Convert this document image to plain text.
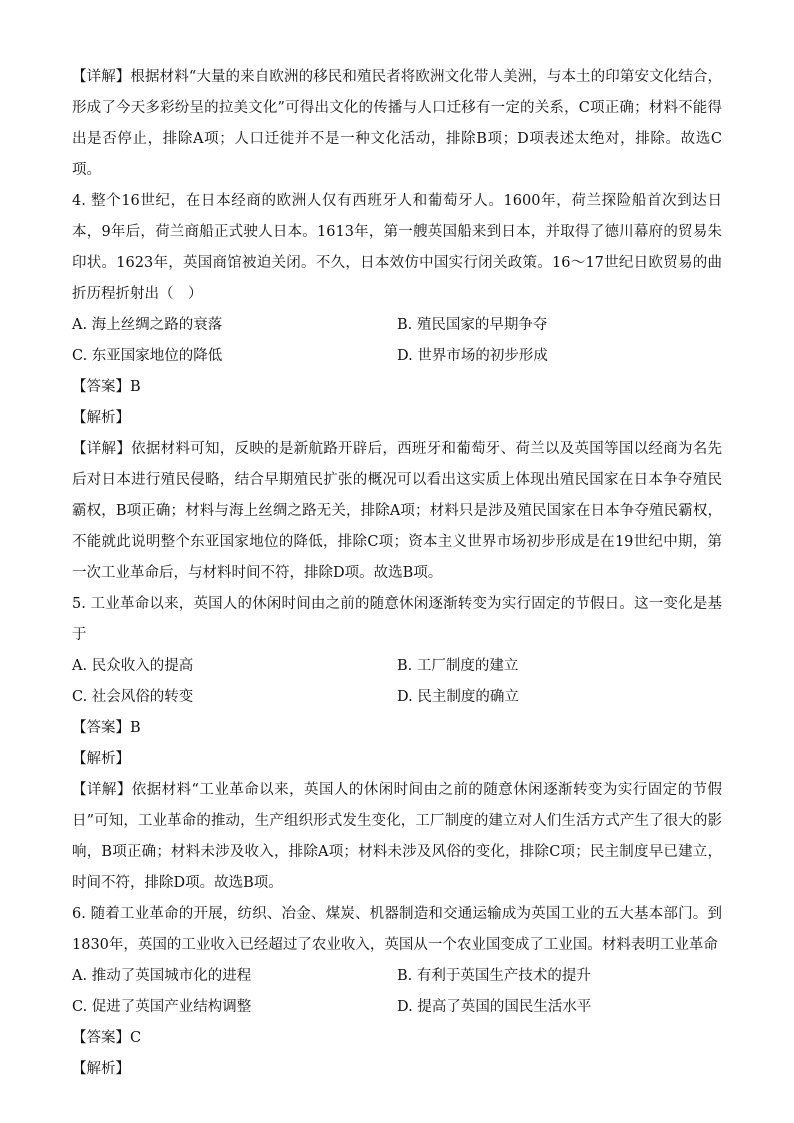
【详解】根据材料“大量的来自欧洲的移民和殖民者将欧洲文化带人美洲，与本土的印第安文化结合，形成了今天多彩纷呈的拉美文化”可得出文化的传播与人口迁移有一定的关系，C项正确；材料不能得出是否停止，排除A项；人口迁徙并不是一种文化活动，排除B项；D项表述太绝对，排除。故选C项。

4. 整个16世纪，在日本经商的欧洲人仅有西班牙人和葡萄牙人。1600年，荷兰探险船首次到达日本，9年后，荷兰商船正式驶人日本。1613年，第一艘英国船来到日本，并取得了德川幕府的贸易朱印状。1623年，英国商馆被迫关闭。不久，日本效仿中国实行闭关政策。16～17世纪日欧贸易的曲折历程折射出（　）

A. 海上丝绸之路的衰落	B. 殖民国家的早期争夺
C. 东亚国家地位的降低	D. 世界市场的初步形成

【答案】B

【解析】

【详解】依据材料可知，反映的是新航路开辟后，西班牙和葡萄牙、荷兰以及英国等国以经商为名先后对日本进行殖民侵略，结合早期殖民扩张的概况可以看出这实质上体现出殖民国家在日本争夺殖民霸权，B项正确；材料与海上丝绸之路无关，排除A项；材料只是涉及殖民国家在日本争夺殖民霸权，不能就此说明整个东亚国家地位的降低，排除C项；资本主义世界市场初步形成是在19世纪中期，第一次工业革命后，与材料时间不符，排除D项。故选B项。

5. 工业革命以来，英国人的休闲时间由之前的随意休闲逐渐转变为实行固定的节假日。这一变化是基于

A. 民众收入的提高	B. 工厂制度的建立
C. 社会风俗的转变	D. 民主制度的确立

【答案】B

【解析】

【详解】依据材料“工业革命以来，英国人的休闲时间由之前的随意休闲逐渐转变为实行固定的节假日”可知，工业革命的推动，生产组织形式发生变化，工厂制度的建立对人们生活方式产生了很大的影响，B项正确；材料未涉及收入，排除A项；材料未涉及风俗的变化，排除C项；民主制度早已建立，时间不符，排除D项。故选B项。

6. 随着工业革命的开展，纺织、冶金、煤炭、机器制造和交通运输成为英国工业的五大基本部门。到1830年，英国的工业收入已经超过了农业收入，英国从一个农业国变成了工业国。材料表明工业革命

A. 推动了英国城市化的进程	B. 有利于英国生产技术的提升
C. 促进了英国产业结构调整	D. 提高了英国的国民生活水平

【答案】C

【解析】
